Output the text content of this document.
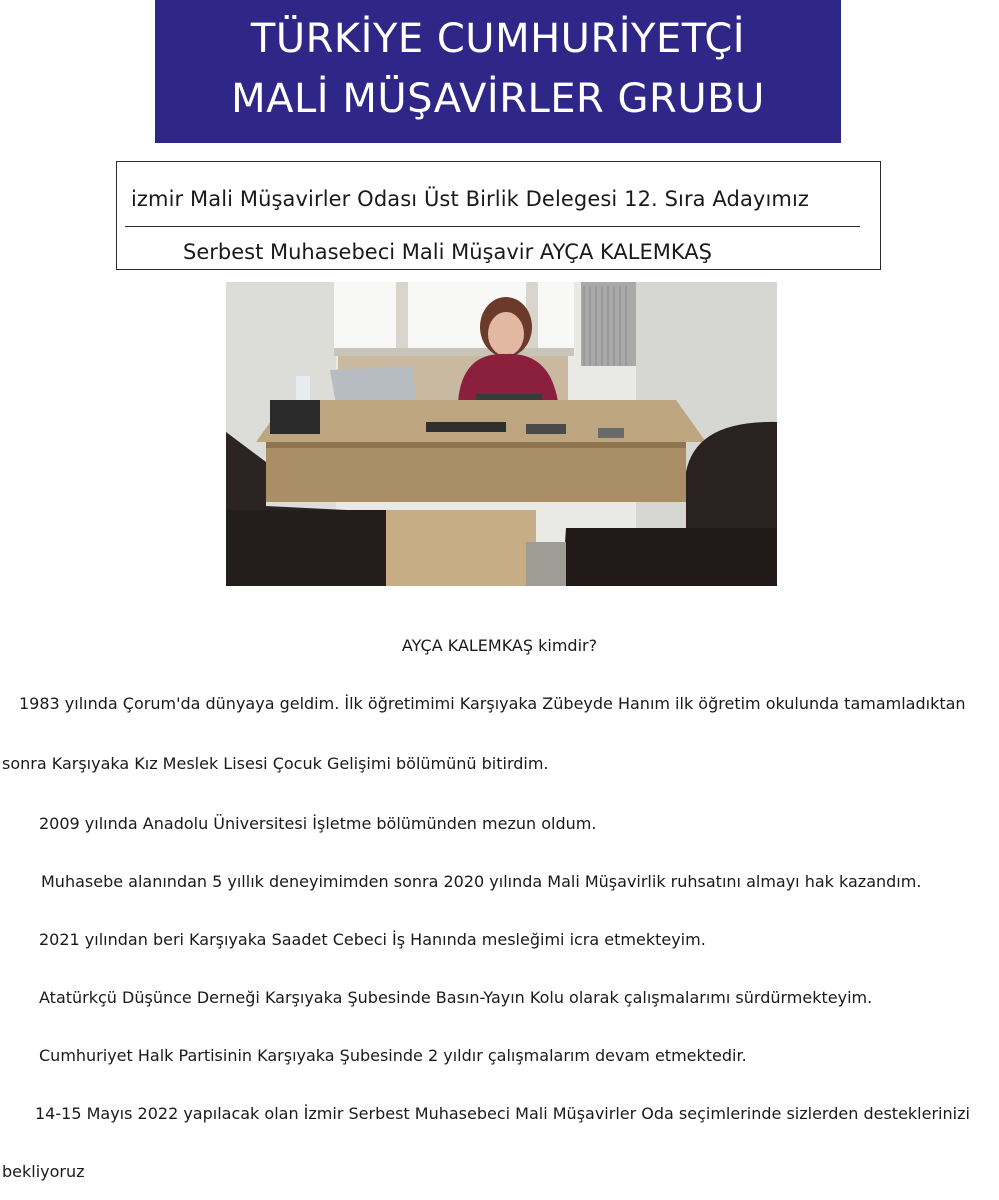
TÜRKİYE CUMHURİYETÇİ
MALİ MÜŞAVİRLER GRUBU
izmir Mali Müşavirler Odası Üst Birlik Delegesi 12. Sıra Adayımız
Serbest Muhasebeci Mali Müşavir AYÇA KALEMKAŞ
AYÇA KALEMKAŞ kimdir?
1983 yılında Çorum'da dünyaya geldim. İlk öğretimimi Karşıyaka Zübeyde Hanım ilk öğretim okulunda tamamladıktan
sonra Karşıyaka Kız Meslek Lisesi Çocuk Gelişimi bölümünü bitirdim.
2009 yılında Anadolu Üniversitesi İşletme bölümünden mezun oldum.
Muhasebe alanından 5 yıllık deneyimimden sonra 2020 yılında Mali Müşavirlik ruhsatını almayı hak kazandım.
2021 yılından beri Karşıyaka Saadet Cebeci İş Hanında mesleğimi icra etmekteyim.
Atatürkçü Düşünce Derneği Karşıyaka Şubesinde Basın-Yayın Kolu olarak çalışmalarımı sürdürmekteyim.
Cumhuriyet Halk Partisinin Karşıyaka Şubesinde 2 yıldır çalışmalarım devam etmektedir.
14-15 Mayıs 2022 yapılacak olan İzmir Serbest Muhasebeci Mali Müşavirler Oda seçimlerinde sizlerden desteklerinizi
bekliyoruz
